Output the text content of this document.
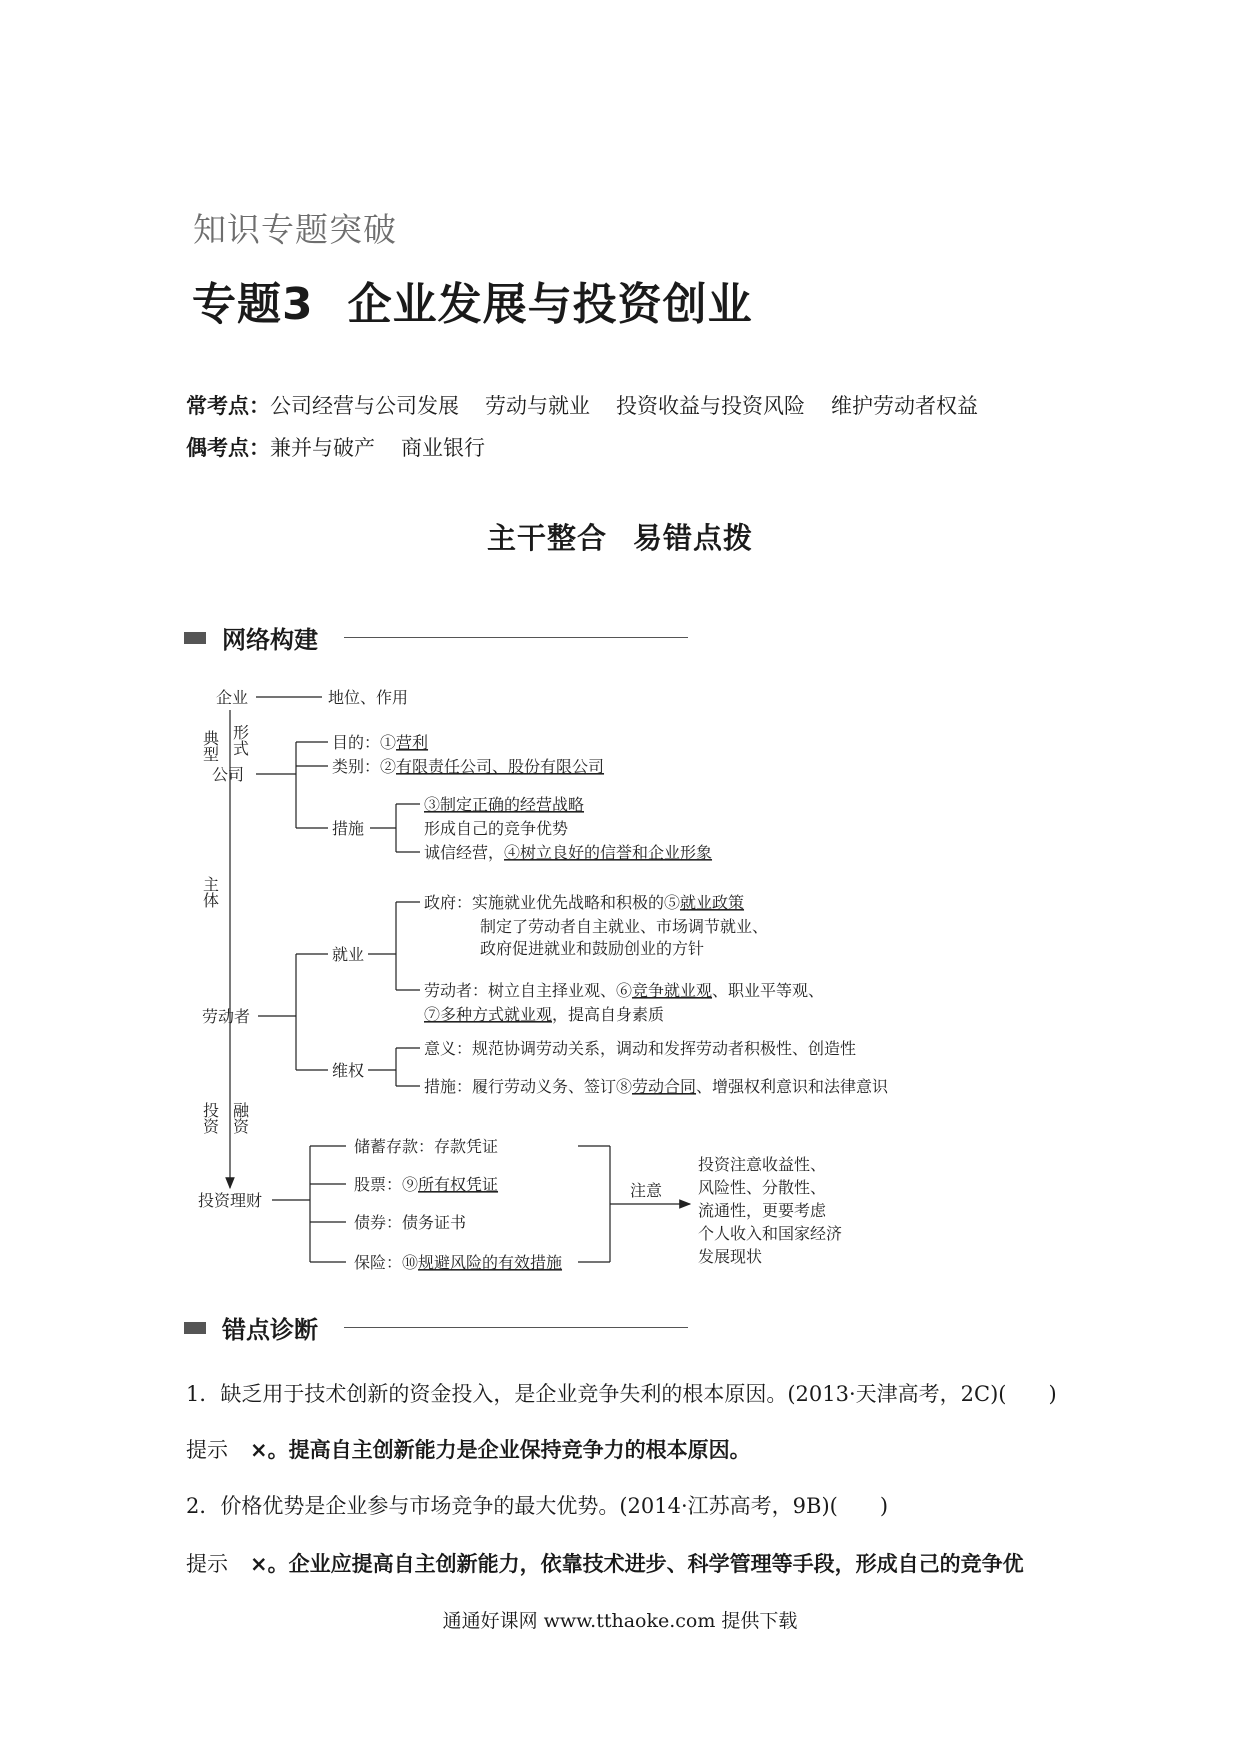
知识专题突破
专题3 企业发展与投资创业
常考点：公司经营与公司发展 劳动与就业 投资收益与投资风险 维护劳动者权益
偶考点：兼并与破产 商业银行
主干整合 易错点拨
网络构建
企业	地位、作用
典型 形式
公司
目的：①营利
类别：②有限责任公司、股份有限公司
措施
③制定正确的经营战略
形成自己的竞争优势
诚信经营，④树立良好的信誉和企业形象
主体
劳动者
就业
政府：实施就业优先战略和积极的⑤就业政策
制定了劳动者自主就业、市场调节就业、
政府促进就业和鼓励创业的方针
劳动者：树立自主择业观、⑥竞争就业观、职业平等观、
⑦多种方式就业观，提高自身素质
维权
意义：规范协调劳动关系，调动和发挥劳动者积极性、创造性
措施：履行劳动义务、签订⑧劳动合同、增强权利意识和法律意识
投资 融资
投资理财
储蓄存款：存款凭证
股票：⑨所有权凭证
债券：债务证书
保险：⑩规避风险的有效措施
注意
投资注意收益性、
风险性、分散性、
流通性，更要考虑
个人收入和国家经济
发展现状
错点诊断
1．缺乏用于技术创新的资金投入，是企业竞争失利的根本原因。(2013·天津高考，2C)(　　)
提示 ×。提高自主创新能力是企业保持竞争力的根本原因。
2．价格优势是企业参与市场竞争的最大优势。(2014·江苏高考，9B)(　　)
提示 ×。企业应提高自主创新能力，依靠技术进步、科学管理等手段，形成自己的竞争优
通通好课网 www.tthaoke.com 提供下载
